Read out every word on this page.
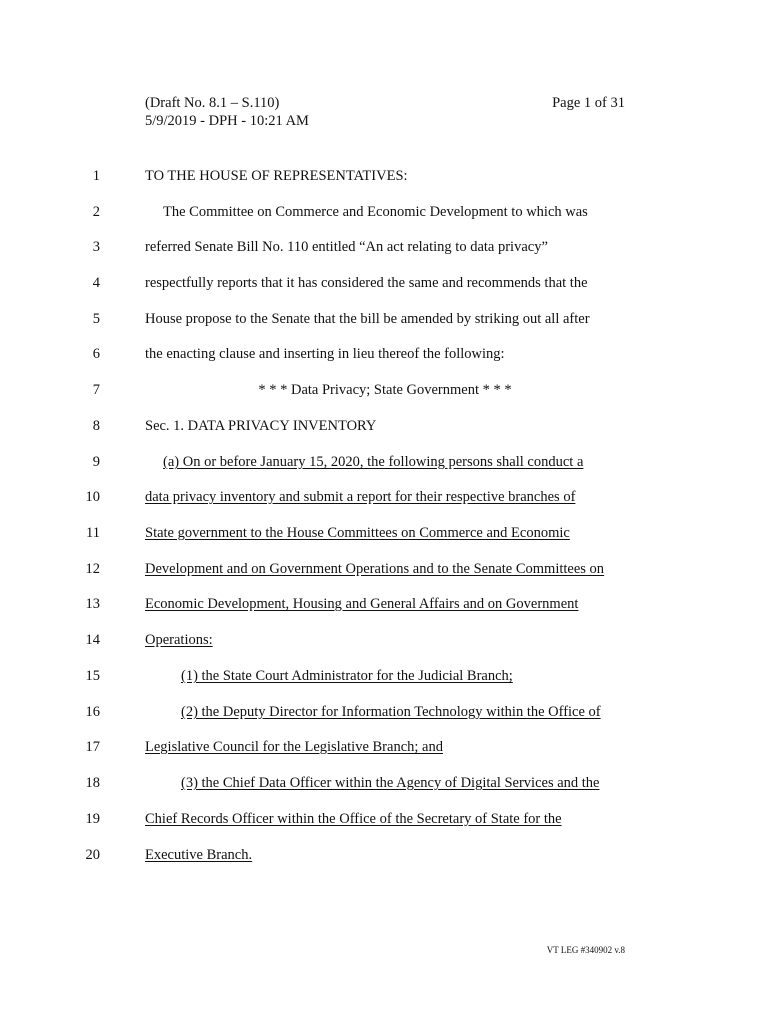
(Draft No. 8.1 – S.110)
5/9/2019 - DPH - 10:21 AM
Page 1 of 31
1	TO THE HOUSE OF REPRESENTATIVES:
2	The Committee on Commerce and Economic Development to which was
3	referred Senate Bill No. 110 entitled “An act relating to data privacy”
4	respectfully reports that it has considered the same and recommends that the
5	House propose to the Senate that the bill be amended by striking out all after
6	the enacting clause and inserting in lieu thereof the following:
7	* * * Data Privacy; State Government * * *
8	Sec. 1. DATA PRIVACY INVENTORY
9	(a) On or before January 15, 2020, the following persons shall conduct a
10	data privacy inventory and submit a report for their respective branches of
11	State government to the House Committees on Commerce and Economic
12	Development and on Government Operations and to the Senate Committees on
13	Economic Development, Housing and General Affairs and on Government
14	Operations:
15	(1) the State Court Administrator for the Judicial Branch;
16	(2) the Deputy Director for Information Technology within the Office of
17	Legislative Council for the Legislative Branch; and
18	(3) the Chief Data Officer within the Agency of Digital Services and the
19	Chief Records Officer within the Office of the Secretary of State for the
20	Executive Branch.
VT LEG #340902 v.8
